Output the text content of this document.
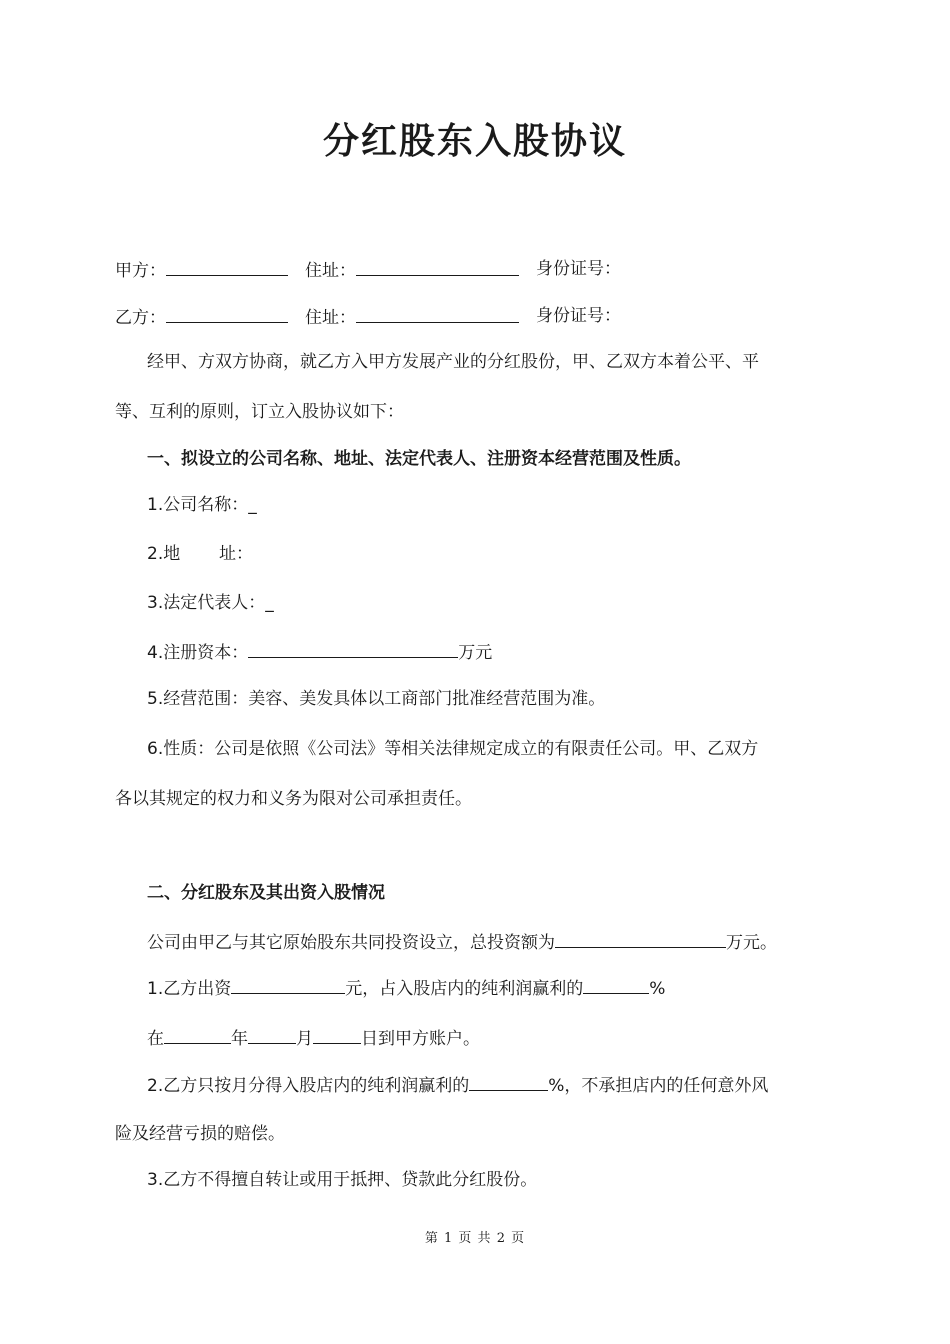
分红股东入股协议
甲方：	住址：	身份证号：
乙方：	住址：	身份证号：
经甲、方双方协商，就乙方入甲方发展产业的分红股份，甲、乙双方本着公平、平
等、互利的原则，订立入股协议如下：
一、拟设立的公司名称、地址、法定代表人、注册资本经营范围及性质。
1.公司名称：_
2.地 址：
3.法定代表人：_
4.注册资本：	万元
5.经营范围：美容、美发具体以工商部门批准经营范围为准。
6.性质：公司是依照《公司法》等相关法律规定成立的有限责任公司。甲、乙双方
各以其规定的权力和义务为限对公司承担责任。
二、分红股东及其出资入股情况
公司由甲乙与其它原始股东共同投资设立，总投资额为	万元。
1.乙方出资	元，占入股店内的纯利润赢利的	%
在	年	月	日到甲方账户。
2.乙方只按月分得入股店内的纯利润赢利的	%，不承担店内的任何意外风
险及经营亏损的赔偿。
3.乙方不得擅自转让或用于抵押、贷款此分红股份。
第 1 页 共 2 页
